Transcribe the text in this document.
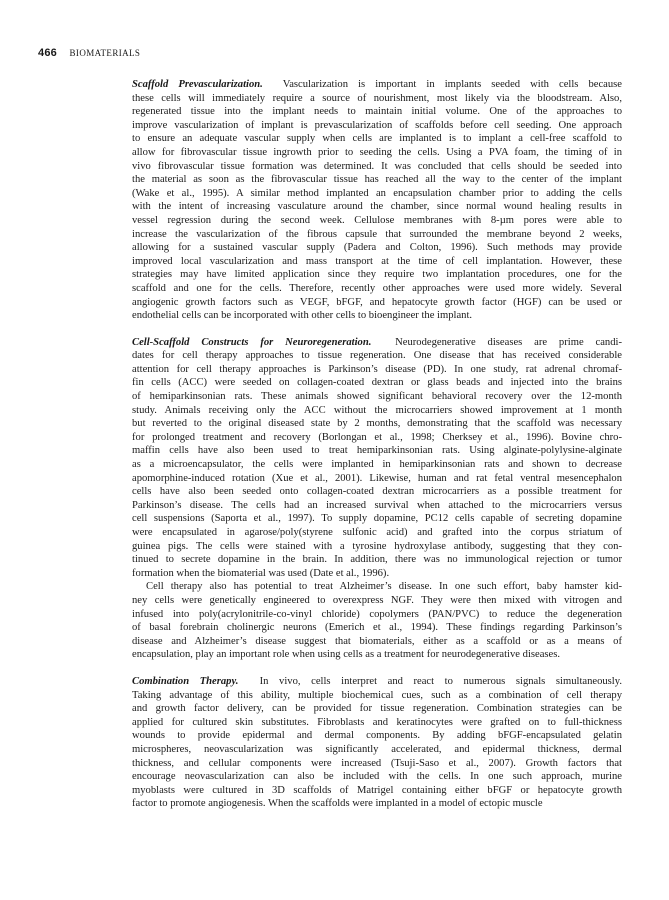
466 BIOMATERIALS
Scaffold Prevascularization.  Vascularization is important in implants seeded with cells because
these cells will immediately require a source of nourishment, most likely via the bloodstream. Also,
regenerated tissue into the implant needs to maintain initial volume. One of the approaches to
improve vascularization of implant is prevascularization of scaffolds before cell seeding. One approach
to ensure an adequate vascular supply when cells are implanted is to implant a cell-free scaffold to
allow for fibrovascular tissue ingrowth prior to seeding the cells. Using a PVA foam, the timing of in
vivo fibrovascular tissue formation was determined. It was concluded that cells should be seeded into
the material as soon as the fibrovascular tissue has reached all the way to the center of the implant
(Wake et al., 1995). A similar method implanted an encapsulation chamber prior to adding the cells
with the intent of increasing vasculature around the chamber, since normal wound healing results in
vessel regression during the second week. Cellulose membranes with 8-µm pores were able to
increase the vascularization of the fibrous capsule that surrounded the membrane beyond 2 weeks,
allowing for a sustained vascular supply (Padera and Colton, 1996). Such methods may provide
improved local vascularization and mass transport at the time of cell implantation. However, these
strategies may have limited application since they require two implantation procedures, one for the
scaffold and one for the cells. Therefore, recently other approaches were used more widely. Several
angiogenic growth factors such as VEGF, bFGF, and hepatocyte growth factor (HGF) can be used or
endothelial cells can be incorporated with other cells to bioengineer the implant.
Cell-Scaffold Constructs for Neuroregeneration.  Neurodegenerative diseases are prime candi-
dates for cell therapy approaches to tissue regeneration. One disease that has received considerable
attention for cell therapy approaches is Parkinson’s disease (PD). In one study, rat adrenal chromaf-
fin cells (ACC) were seeded on collagen-coated dextran or glass beads and injected into the brains
of hemiparkinsonian rats. These animals showed significant behavioral recovery over the 12-month
study. Animals receiving only the ACC without the microcarriers showed improvement at 1 month
but reverted to the original diseased state by 2 months, demonstrating that the scaffold was necessary
for prolonged treatment and recovery (Borlongan et al., 1998; Cherksey et al., 1996). Bovine chro-
maffin cells have also been used to treat hemiparkinsonian rats. Using alginate-polylysine-alginate
as a microencapsulator, the cells were implanted in hemiparkinsonian rats and shown to decrease
apomorphine-induced rotation (Xue et al., 2001). Likewise, human and rat fetal ventral mesencephalon
cells have also been seeded onto collagen-coated dextran microcarriers as a possible treatment for
Parkinson’s disease. The cells had an increased survival when attached to the microcarriers versus
cell suspensions (Saporta et al., 1997). To supply dopamine, PC12 cells capable of secreting dopamine
were encapsulated in agarose/poly(styrene sulfonic acid) and grafted into the corpus striatum of
guinea pigs. The cells were stained with a tyrosine hydroxylase antibody, suggesting that they con-
tinued to secrete dopamine in the brain. In addition, there was no immunological rejection or tumor
formation when the biomaterial was used (Date et al., 1996).
Cell therapy also has potential to treat Alzheimer’s disease. In one such effort, baby hamster kid-
ney cells were genetically engineered to overexpress NGF. They were then mixed with vitrogen and
infused into poly(acrylonitrile-co-vinyl chloride) copolymers (PAN/PVC) to reduce the degeneration
of basal forebrain cholinergic neurons (Emerich et al., 1994). These findings regarding Parkinson’s
disease and Alzheimer’s disease suggest that biomaterials, either as a scaffold or as a means of
encapsulation, play an important role when using cells as a treatment for neurodegenerative diseases.
Combination Therapy.  In vivo, cells interpret and react to numerous signals simultaneously.
Taking advantage of this ability, multiple biochemical cues, such as a combination of cell therapy
and growth factor delivery, can be provided for tissue regeneration. Combination strategies can be
applied for cultured skin substitutes. Fibroblasts and keratinocytes were grafted on to full-thickness
wounds to provide epidermal and dermal components. By adding bFGF-encapsulated gelatin
microspheres, neovascularization was significantly accelerated, and epidermal thickness, dermal
thickness, and cellular components were increased (Tsuji-Saso et al., 2007). Growth factors that
encourage neovascularization can also be included with the cells. In one such approach, murine
myoblasts were cultured in 3D scaffolds of Matrigel containing either bFGF or hepatocyte growth
factor to promote angiogenesis. When the scaffolds were implanted in a model of ectopic muscle
